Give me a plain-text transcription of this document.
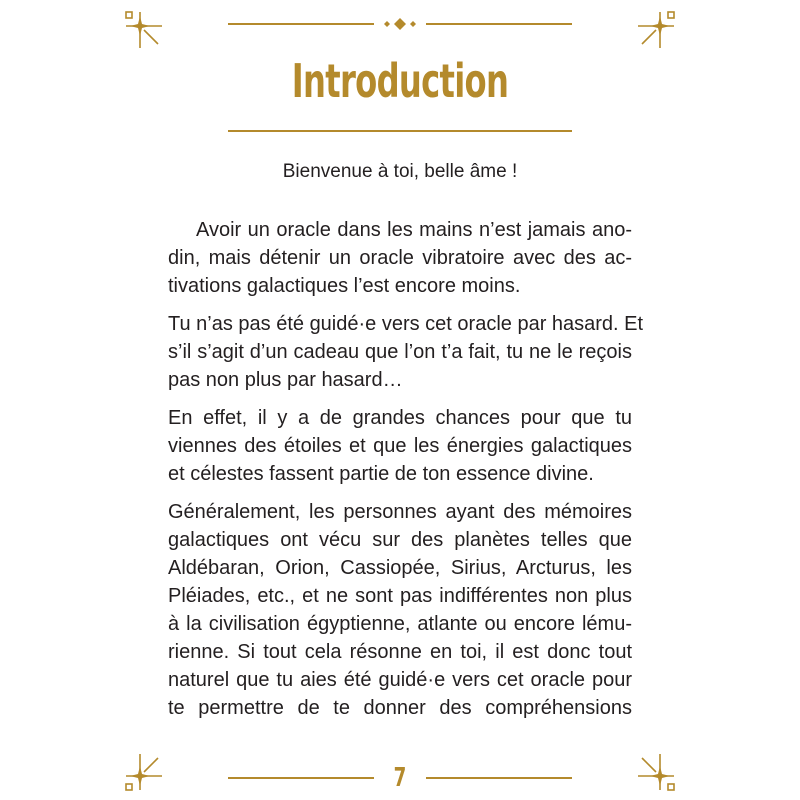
Introduction
Bienvenue à toi, belle âme !

Avoir un oracle dans les mains n’est jamais ano-
din, mais détenir un oracle vibratoire avec des ac-
tivations galactiques l’est encore moins.

Tu n’as pas été guidé·e vers cet oracle par hasard. Et
s’il s’agit d’un cadeau que l’on t’a fait, tu ne le reçois
pas non plus par hasard…

En effet, il y a de grandes chances pour que tu
viennes des étoiles et que les énergies galactiques
et célestes fassent partie de ton essence divine.

Généralement, les personnes ayant des mémoires
galactiques ont vécu sur des planètes telles que
Aldébaran, Orion, Cassiopée, Sirius, Arcturus, les
Pléiades, etc., et ne sont pas indifférentes non plus
à la civilisation égyptienne, atlante ou encore lému-
rienne. Si tout cela résonne en toi, il est donc tout
naturel que tu aies été guidé·e vers cet oracle pour
te permettre de te donner des compréhensions

7
